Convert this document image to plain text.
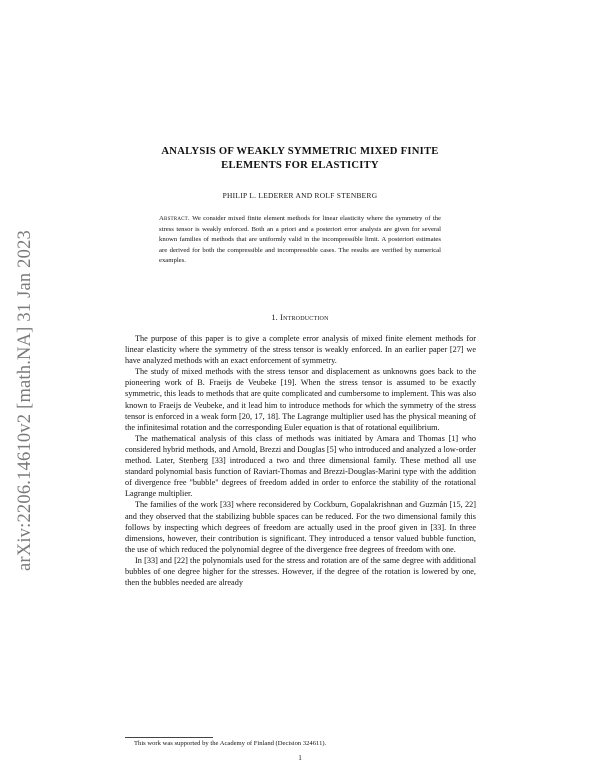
arXiv:2206.14610v2 [math.NA] 31 Jan 2023
ANALYSIS OF WEAKLY SYMMETRIC MIXED FINITE
ELEMENTS FOR ELASTICITY
PHILIP L. LEDERER AND ROLF STENBERG
Abstract. We consider mixed finite element methods for linear elasticity where the symmetry of the stress tensor is weakly enforced. Both an a priori and a posteriori error analysis are given for several known families of methods that are uniformly valid in the incompressible limit. A posteriori estimates are derived for both the compressible and incompressible cases. The results are verified by numerical examples.
1. Introduction

The purpose of this paper is to give a complete error analysis of mixed finite element methods for linear elasticity where the symmetry of the stress tensor is weakly enforced. In an earlier paper [27] we have analyzed methods with an exact enforcement of symmetry.

The study of mixed methods with the stress tensor and displacement as unknowns goes back to the pioneering work of B. Fraeijs de Veubeke [19]. When the stress tensor is assumed to be exactly symmetric, this leads to methods that are quite complicated and cumbersome to implement. This was also known to Fraeijs de Veubeke, and it lead him to introduce methods for which the symmetry of the stress tensor is enforced in a weak form [20, 17, 18]. The Lagrange multiplier used has the physical meaning of the infinitesimal rotation and the corresponding Euler equation is that of rotational equilibrium.

The mathematical analysis of this class of methods was initiated by Amara and Thomas [1] who considered hybrid methods, and Arnold, Brezzi and Douglas [5] who introduced and analyzed a low-order method. Later, Stenberg [33] introduced a two and three dimensional family. These method all use standard polynomial basis function of Raviart-Thomas and Brezzi-Douglas-Marini type with the addition of divergence free "bubble" degrees of freedom added in order to enforce the stability of the rotational Lagrange multiplier.

The families of the work [33] where reconsidered by Cockburn, Gopalakrishnan and Guzmán [15, 22] and they observed that the stabilizing bubble spaces can be reduced. For the two dimensional family this follows by inspecting which degrees of freedom are actually used in the proof given in [33]. In three dimensions, however, their contribution is significant. They introduced a tensor valued bubble function, the use of which reduced the polynomial degree of the divergence free degrees of freedom with one.

In [33] and [22] the polynomials used for the stress and rotation are of the same degree with additional bubbles of one degree higher for the stresses. However, if the degree of the rotation is lowered by one, then the bubbles needed are already

This work was supported by the Academy of Finland (Decision 324611).
1
